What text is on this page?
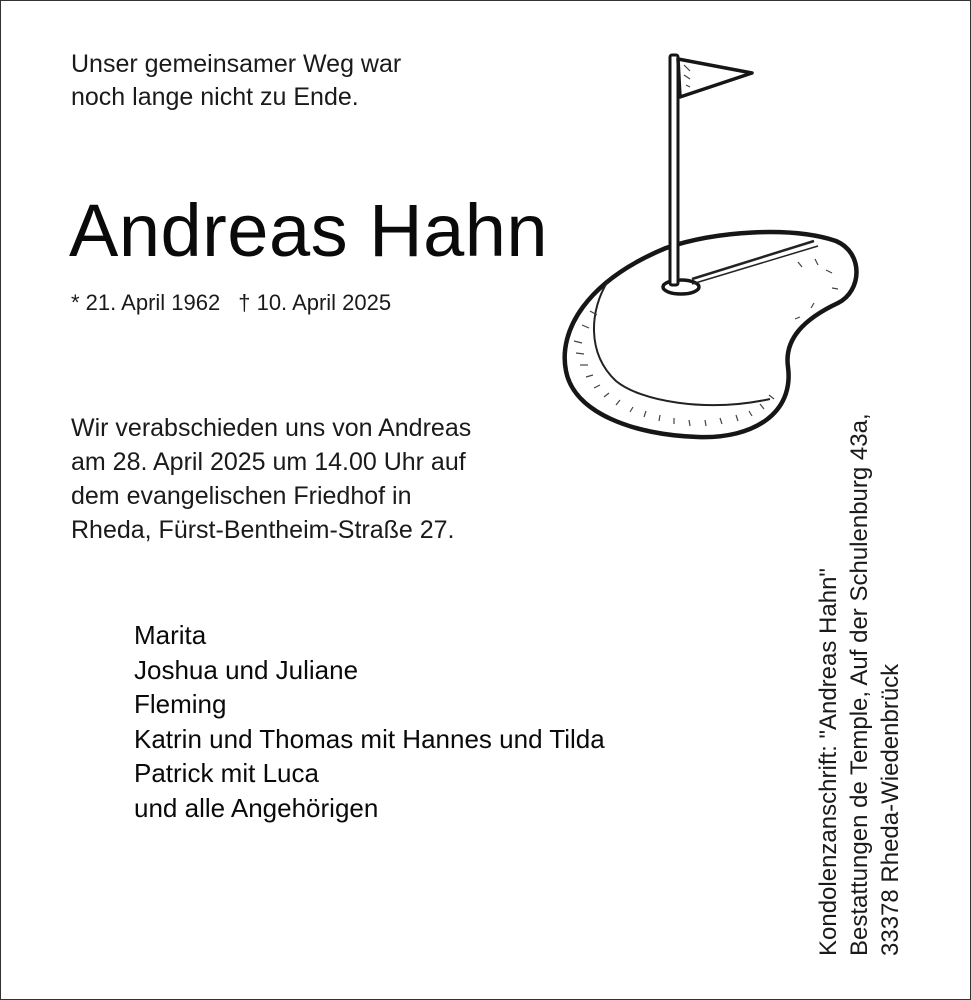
Unser gemeinsamer Weg war
noch lange nicht zu Ende.
Andreas Hahn
* 21. April 1962 † 10. April 2025
Wir verabschieden uns von Andreas
am 28. April 2025 um 14.00 Uhr auf
dem evangelischen Friedhof in
Rheda, Fürst-Bentheim-Straße 27.
Marita
Joshua und Juliane
Fleming
Katrin und Thomas mit Hannes und Tilda
Patrick mit Luca
und alle Angehörigen	Kondolenzanschrift: "Andreas Hahn" Bestattungen de Temple, Auf der Schulenburg 43a, 33378 Rheda-Wiedenbrück
